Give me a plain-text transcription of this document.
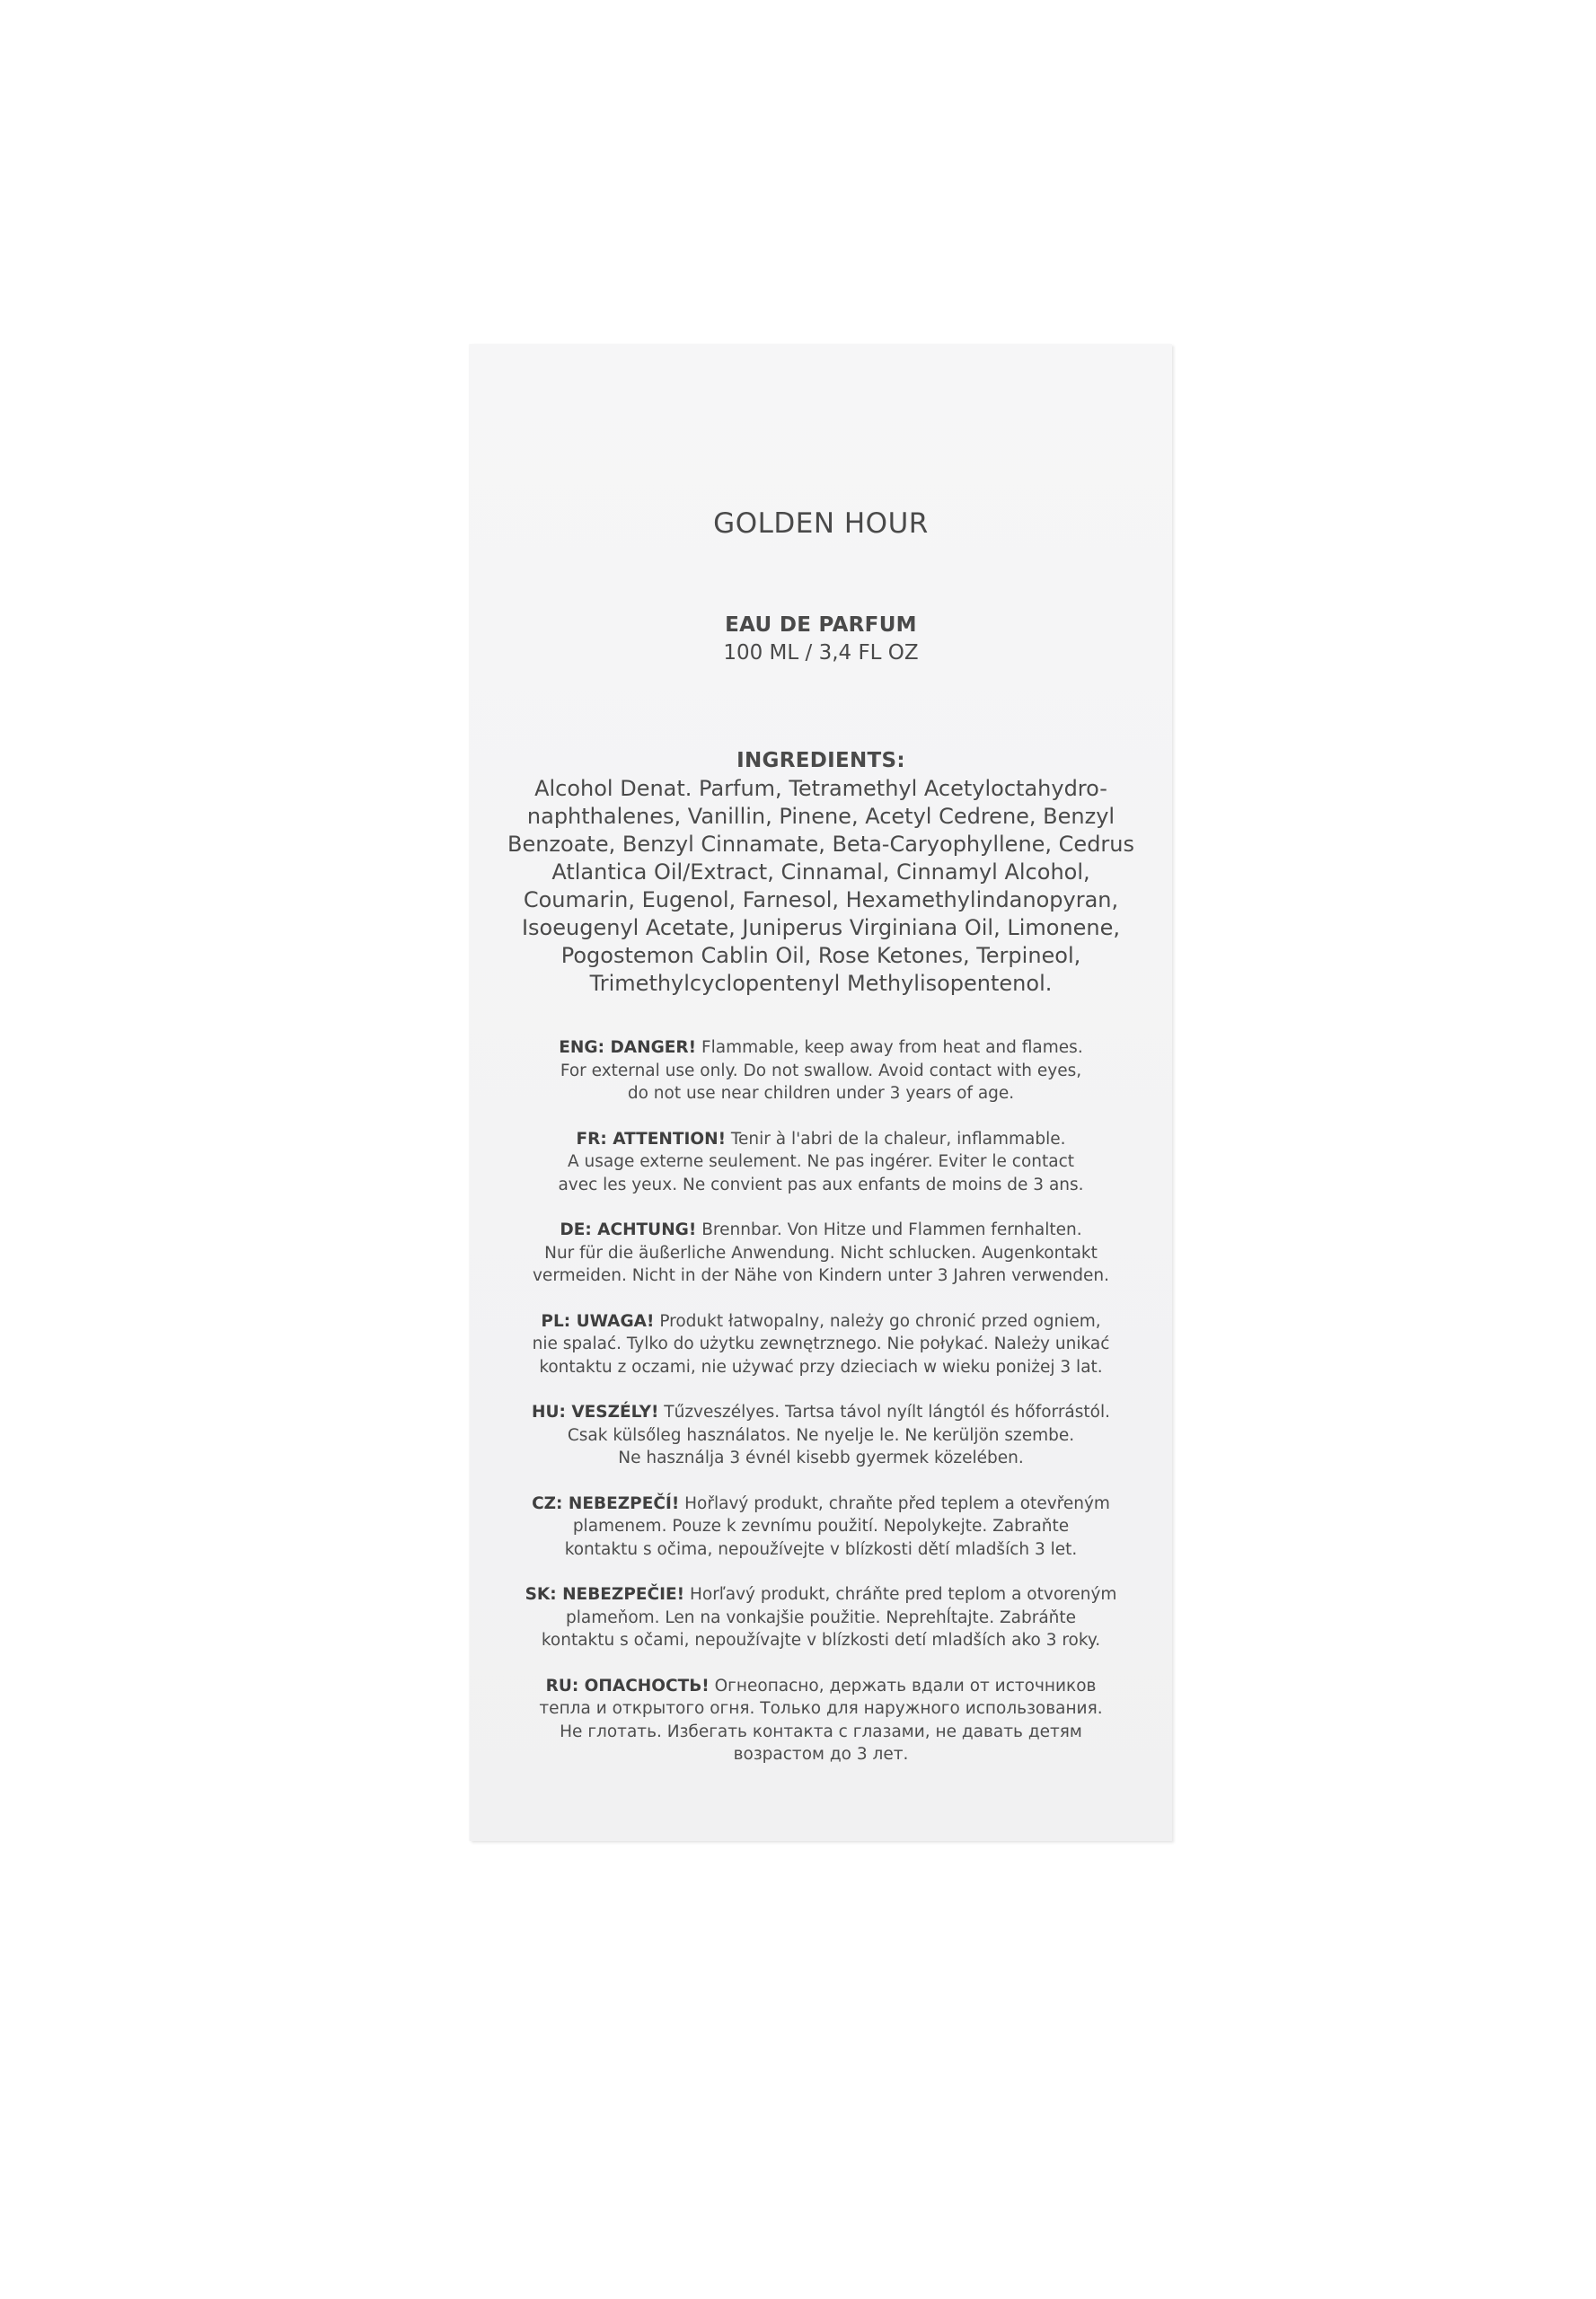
GOLDEN HOUR
EAU DE PARFUM
100 ML / 3,4 FL OZ
INGREDIENTS:
Alcohol Denat. Parfum, Tetramethyl Acetyloctahydro-
naphthalenes, Vanillin, Pinene, Acetyl Cedrene, Benzyl
Benzoate, Benzyl Cinnamate, Beta-Caryophyllene, Cedrus
Atlantica Oil/Extract, Cinnamal, Cinnamyl Alcohol,
Coumarin, Eugenol, Farnesol, Hexamethylindanopyran,
Isoeugenyl Acetate, Juniperus Virginiana Oil, Limonene,
Pogostemon Cablin Oil, Rose Ketones, Terpineol,
Trimethylcyclopentenyl Methylisopentenol.
ENG: DANGER! Flammable, keep away from heat and flames.
For external use only. Do not swallow. Avoid contact with eyes,
do not use near children under 3 years of age.
FR: ATTENTION! Tenir à l'abri de la chaleur, inflammable.
A usage externe seulement. Ne pas ingérer. Eviter le contact
avec les yeux. Ne convient pas aux enfants de moins de 3 ans.
DE: ACHTUNG! Brennbar. Von Hitze und Flammen fernhalten.
Nur für die äußerliche Anwendung. Nicht schlucken. Augenkontakt
vermeiden. Nicht in der Nähe von Kindern unter 3 Jahren verwenden.
PL: UWAGA! Produkt łatwopalny, należy go chronić przed ogniem,
nie spalać. Tylko do użytku zewnętrznego. Nie połykać. Należy unikać
kontaktu z oczami, nie używać przy dzieciach w wieku poniżej 3 lat.
HU: VESZÉLY! Tűzveszélyes. Tartsa távol nyílt lángtól és hőforrástól.
Csak külsőleg használatos. Ne nyelje le. Ne kerüljön szembe.
Ne használja 3 évnél kisebb gyermek közelében.
CZ: NEBEZPEČÍ! Hořlavý produkt, chraňte před teplem a otevřeným
plamenem. Pouze k zevnímu použití. Nepolykejte. Zabraňte
kontaktu s očima, nepoužívejte v blízkosti dětí mladších 3 let.
SK: NEBEZPEČIE! Horľavý produkt, chráňte pred teplom a otvoreným
plameňom. Len na vonkajšie použitie. Neprehĺtajte. Zabráňte
kontaktu s očami, nepoužívajte v blízkosti detí mladších ako 3 roky.
RU: ОПАСНОСТЬ! Огнеопасно, держать вдали от источников
тепла и открытого огня. Только для наружного использования.
Не глотать. Избегать контакта с глазами, не давать детям
возрастом до 3 лет.
